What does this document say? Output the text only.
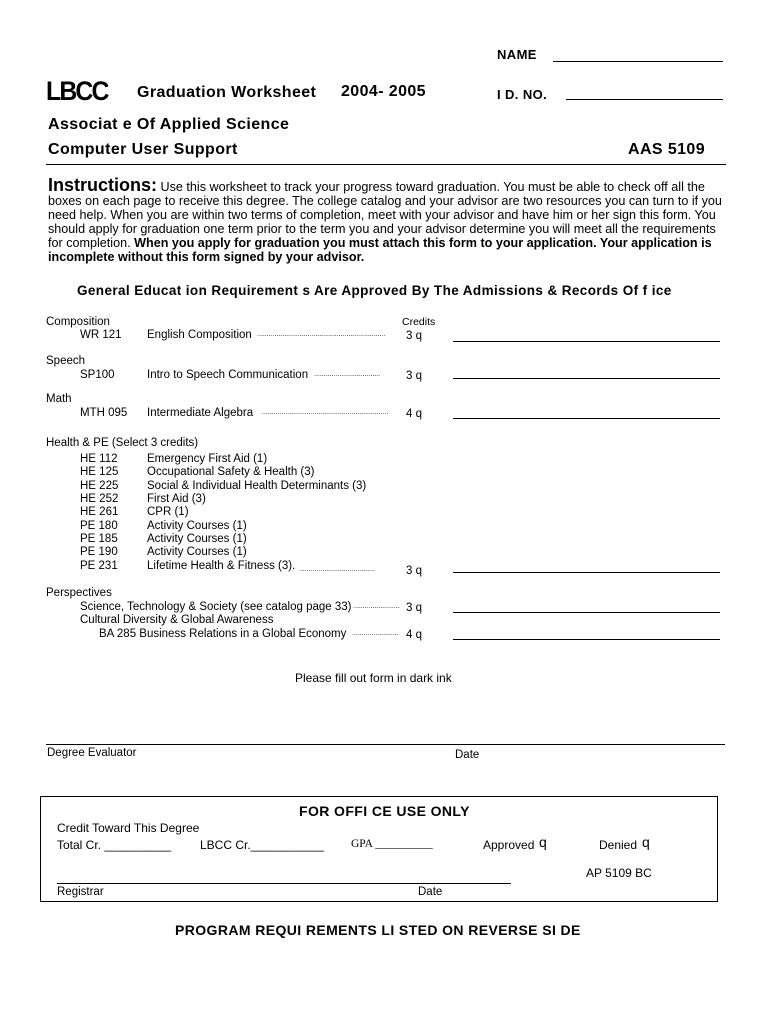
NAME
LBCC Graduation Worksheet 2004- 2005	I D. NO.
Associat e Of Applied Science
Computer User Support	AAS 5109
Instructions: Use this worksheet to track your progress toward graduation. You must be able to check off all the boxes on each page to receive this degree. The college catalog and your advisor are two resources you can turn to if you need help. When you are within two terms of completion, meet with your advisor and have him or her sign this form. You should apply for graduation one term prior to the term you and your advisor determine you will meet all the requirements for completion. When you apply for graduation you must attach this form to your application. Your application is incomplete without this form signed by your advisor.
General Educat ion Requirement s Are Approved By The Admissions & Records Of f ice
Credits
Composition
WR 121 English Composition .................................................................. 3 q
Speech
SP100	Intro to Speech Communication .................................. 3 q
Math
MTH 095 Intermediate Algebra ................................................................. 4 q
Health & PE (Select 3 credits)
HE 112	Emergency First Aid (1)
HE 125 Occupational Safety & Health (3)
HE 225 Social & Individual Health Determinants (3)
HE 252 First Aid (3)
HE 261 CPR (1)
PE 180	Activity Courses (1)
PE 185	Activity Courses (1)
PE 190	Activity Courses (1)
PE 231	Lifetime Health & Fitness (3). .......................................	3 q
Perspectives
Science, Technology & Society (see catalog page 33) ........................ 3 q
Cultural Diversity & Global Awareness
BA 285 Business Relations in a Global Economy ........................ 4 q
Please fill out form in dark ink
Degree Evaluator	Date
FOR OFFI CE USE ONLY
Credit Toward This Degree
Total Cr. __________ LBCC Cr.___________ GPA __________	Approved q	Denied q
AP 5109 BC
Registrar	Date
PROGRAM REQUI REMENTS LI STED ON REVERSE SI DE
